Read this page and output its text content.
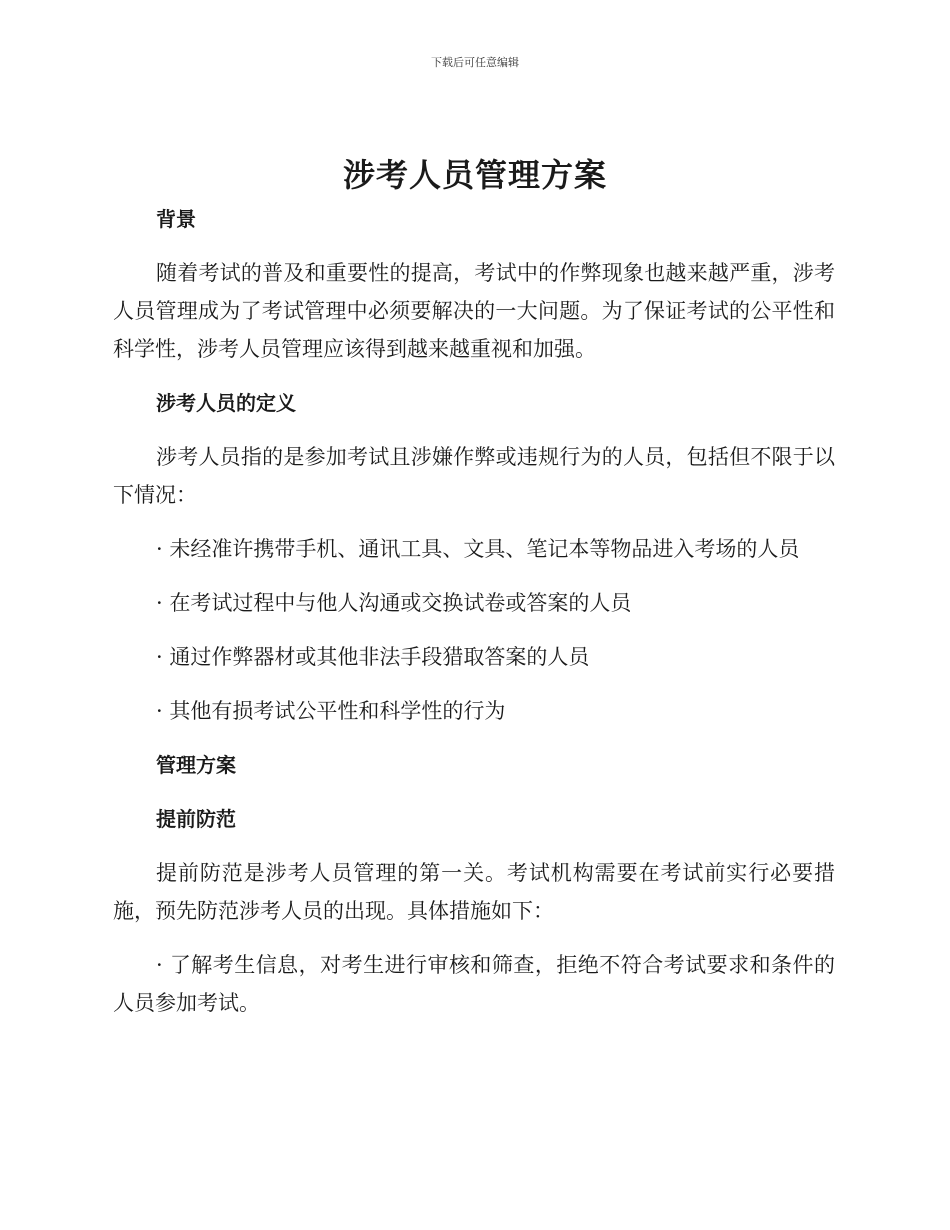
下载后可任意编辑
涉考人员管理方案
背景
随着考试的普及和重要性的提高，考试中的作弊现象也越来越严重，涉考人员管理成为了考试管理中必须要解决的一大问题。为了保证考试的公平性和科学性，涉考人员管理应该得到越来越重视和加强。
涉考人员的定义
涉考人员指的是参加考试且涉嫌作弊或违规行为的人员，包括但不限于以下情况：
· 未经准许携带手机、通讯工具、文具、笔记本等物品进入考场的人员
· 在考试过程中与他人沟通或交换试卷或答案的人员
· 通过作弊器材或其他非法手段猎取答案的人员
· 其他有损考试公平性和科学性的行为
管理方案
提前防范
提前防范是涉考人员管理的第一关。考试机构需要在考试前实行必要措施，预先防范涉考人员的出现。具体措施如下：
· 了解考生信息，对考生进行审核和筛查，拒绝不符合考试要求和条件的人员参加考试。
